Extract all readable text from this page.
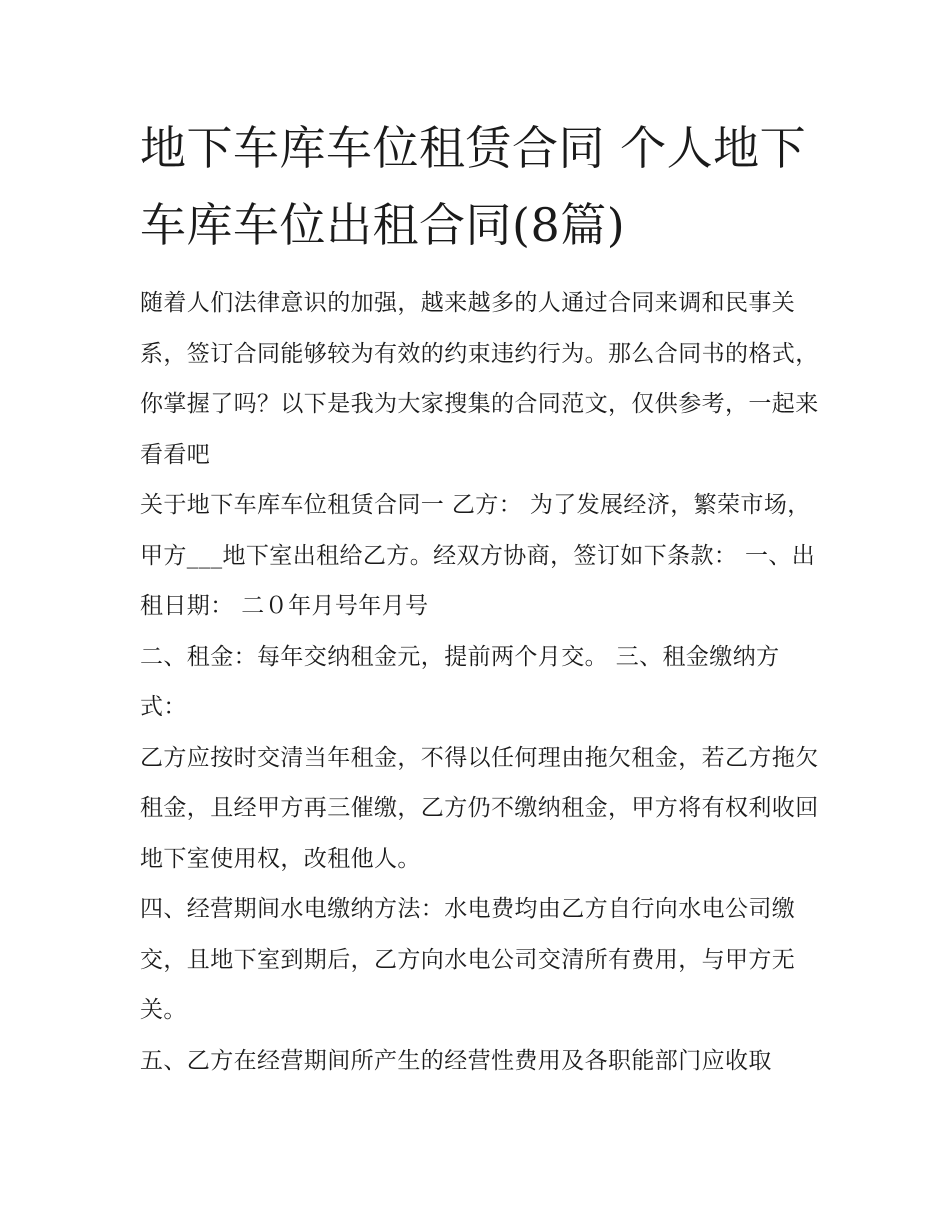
地下车库车位租赁合同 个人地下车库车位出租合同(8篇)

随着人们法律意识的加强，越来越多的人通过合同来调和民事关系，签订合同能够较为有效的约束违约行为。那么合同书的格式，你掌握了吗？以下是我为大家搜集的合同范文，仅供参考，一起来看看吧

关于地下车库车位租赁合同一 乙方： 为了发展经济，繁荣市场，甲方___地下室出租给乙方。经双方协商，签订如下条款： 一、出租日期： 二０年月号年月号

二、租金：每年交纳租金元，提前两个月交。 三、租金缴纳方式：

乙方应按时交清当年租金，不得以任何理由拖欠租金，若乙方拖欠租金，且经甲方再三催缴，乙方仍不缴纳租金，甲方将有权利收回地下室使用权，改租他人。

四、经营期间水电缴纳方法：水电费均由乙方自行向水电公司缴交，且地下室到期后，乙方向水电公司交清所有费用，与甲方无关。

五、乙方在经营期间所产生的经营性费用及各职能部门应收取
